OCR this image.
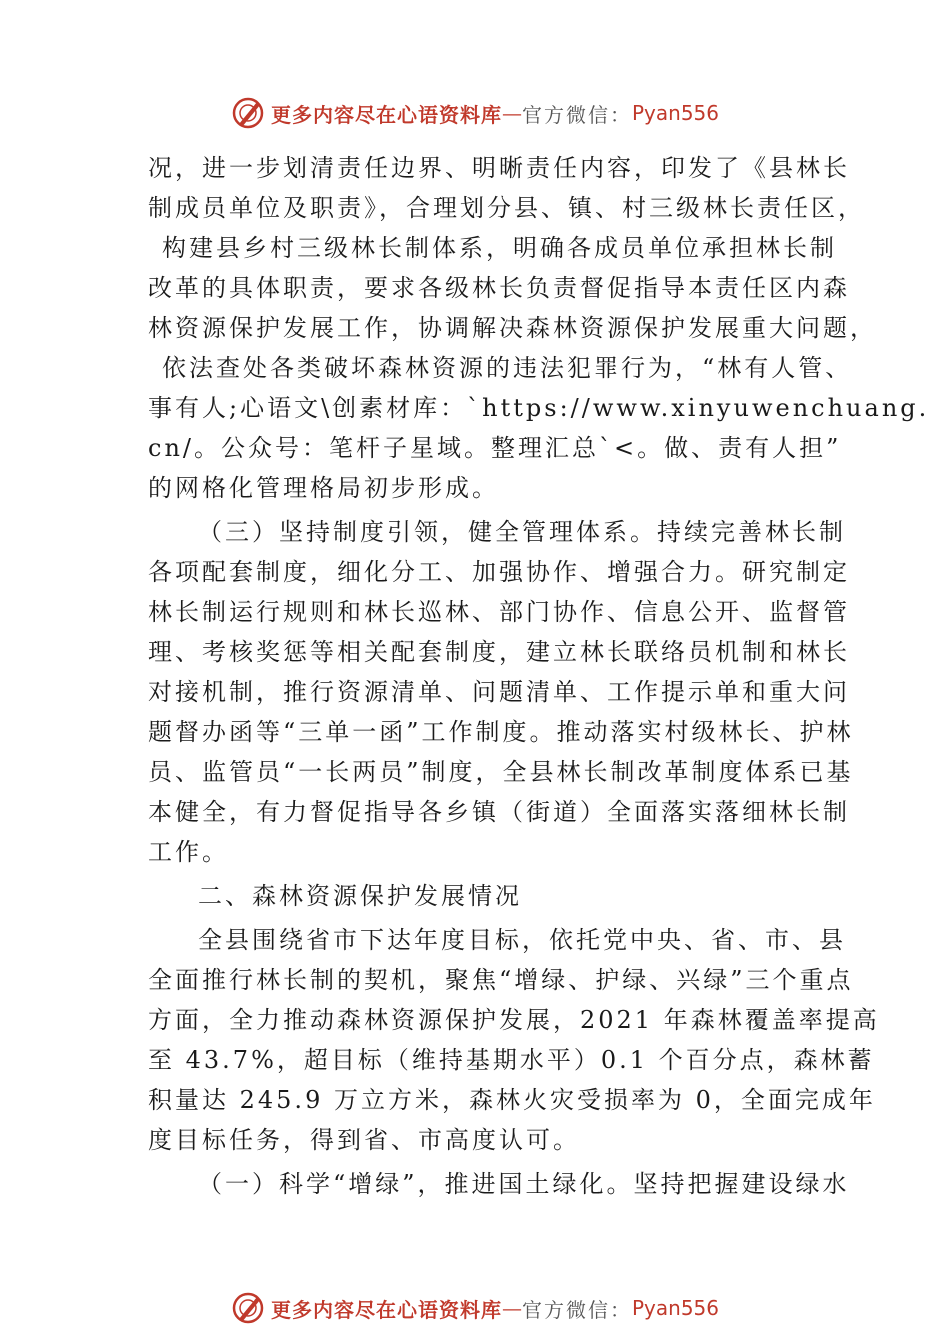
更多内容尽在心语资料库 — 官方微信： Pyan556
况，进一步划清责任边界、明晰责任内容，印发了《县林长
制成员单位及职责》，合理划分县、镇、村三级林长责任区，
构建县乡村三级林长制体系，明确各成员单位承担林长制
改革的具体职责，要求各级林长负责督促指导本责任区内森
林资源保护发展工作，协调解决森林资源保护发展重大问题，
依法查处各类破坏森林资源的违法犯罪行为，“林有人管、
事有人;心语文\创素材库：`https://www.xinyuwenchuang.
cn/。公众号：笔杆子星域。整理汇总`<。做、责有人担”
的网格化管理格局初步形成。
（三）坚持制度引领，健全管理体系。持续完善林长制
各项配套制度，细化分工、加强协作、增强合力。研究制定
林长制运行规则和林长巡林、部门协作、信息公开、监督管
理、考核奖惩等相关配套制度，建立林长联络员机制和林长
对接机制，推行资源清单、问题清单、工作提示单和重大问
题督办函等“三单一函”工作制度。推动落实村级林长、护林
员、监管员“一长两员”制度，全县林长制改革制度体系已基
本健全，有力督促指导各乡镇（街道）全面落实落细林长制
工作。
二、森林资源保护发展情况
全县围绕省市下达年度目标，依托党中央、省、市、县
全面推行林长制的契机，聚焦“增绿、护绿、兴绿”三个重点
方面，全力推动森林资源保护发展，2021 年森林覆盖率提高
至 43.7%，超目标（维持基期水平）0.1 个百分点，森林蓄
积量达 245.9 万立方米，森林火灾受损率为 0，全面完成年
度目标任务，得到省、市高度认可。
（一）科学“增绿”，推进国土绿化。坚持把握建设绿水
更多内容尽在心语资料库 — 官方微信： Pyan556
